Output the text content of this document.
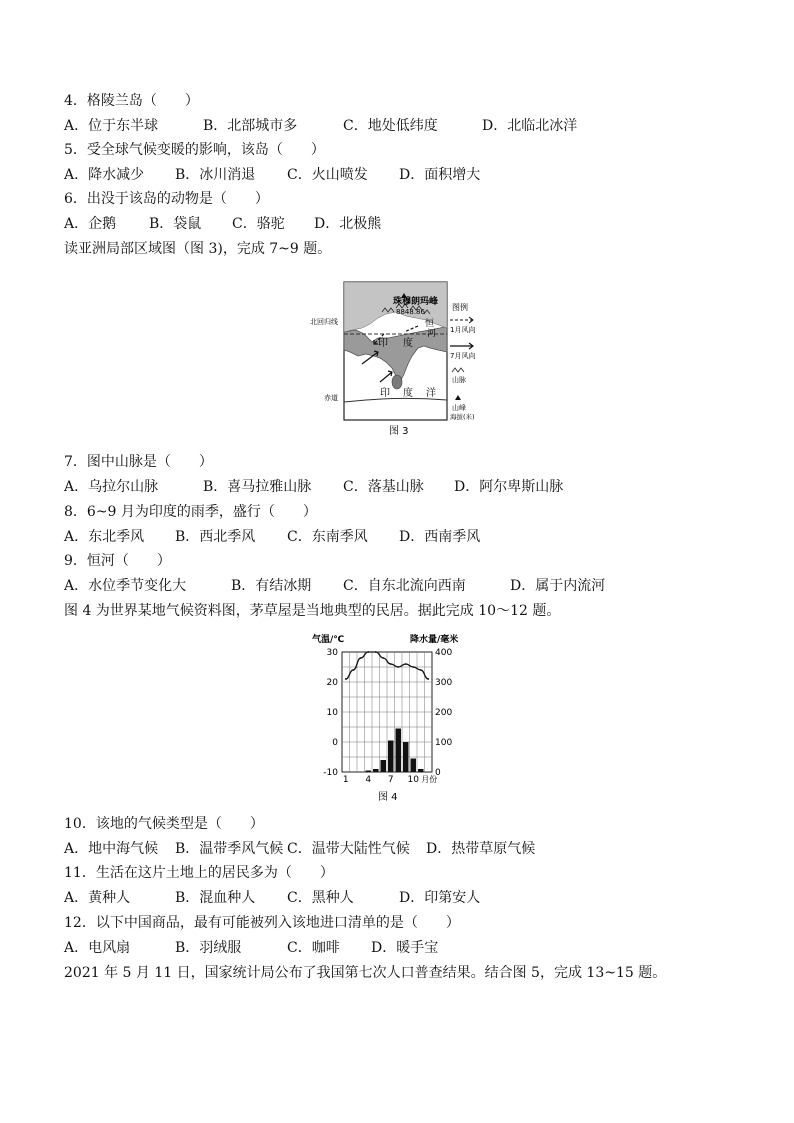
4．格陵兰岛（　　）
A．位于东半球	B．北部城市多	C．地处低纬度	D．北临北冰洋
5．受全球气候变暖的影响，该岛（　　）
A．降水减少 B．冰川消退 C．火山喷发 D．面积增大
6．出没于该岛的动物是（　　）
A．企鹅 B．袋鼠 C．骆驼 D．北极熊
读亚洲局部区域图（图 3)，完成 7~9 题。
珠穆朗玛峰
8848.86
恒
河
印 度
印 度 洋
北回归线
赤道
图例
1月风向
7月风向
山脉
山峰
海拔(米)
图 3
7．图中山脉是（　　）
A．乌拉尔山脉	B．喜马拉雅山脉 C．落基山脉 D．阿尔卑斯山脉
8．6~9 月为印度的雨季，盛行（　　）
A．东北季风 B．西北季风 C．东南季风 D．西南季风
9．恒河（　　）
A．水位季节变化大	B．有结冰期 C．自东北流向西南	D．属于内流河
图 4 为世界某地气候资料图，茅草屋是当地典型的民居。据此完成 10～12 题。
气温/℃	降水量/毫米
-10
0
10
20
30
0
100
200
300
400
1 4 7 10 月份
图 4
10．该地的气候类型是（　　）
A．地中海气候 B．温带季风气候 C．温带大陆性气候 D．热带草原气候
11．生活在这片土地上的居民多为（　　）
A．黄种人	B．混血种人 C．黑种人	D．印第安人
12．以下中国商品，最有可能被列入该地进口清单的是（　　）
A．电风扇	B．羽绒服	C．咖啡 D．暖手宝
2021 年 5 月 11 日，国家统计局公布了我国第七次人口普查结果。结合图 5，完成 13~15 题。
